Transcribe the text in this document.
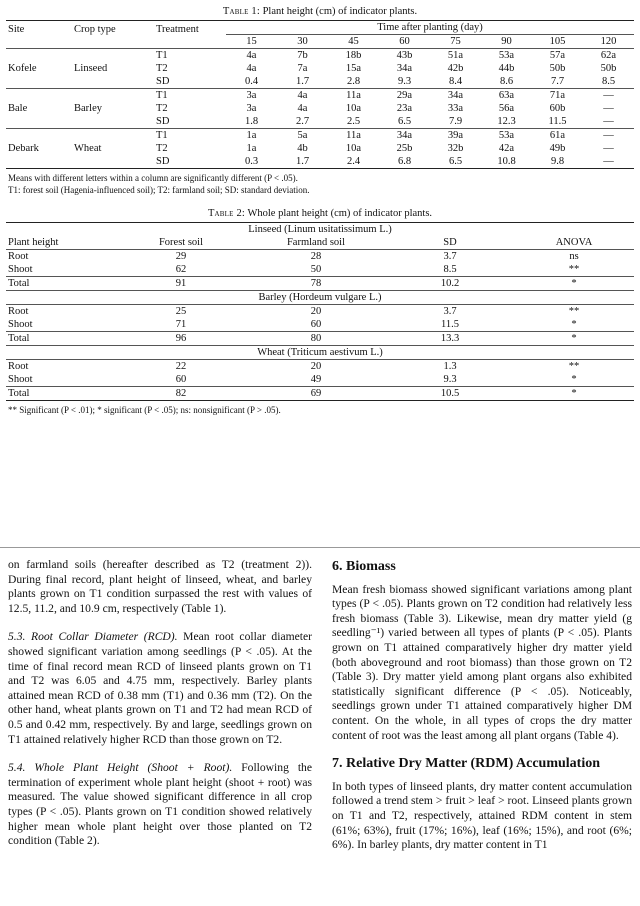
Table 1: Plant height (cm) of indicator plants.
Site	Crop type	Treatment	Time after planting (day)							
			15	30	45	60	75	90	105	120
Kofele	Linseed	T1	4a	7b	18b	43b	51a	53a	57a	62a
		T2	4a	7a	15a	34a	42b	44b	50b	50b
		SD	0.4	1.7	2.8	9.3	8.4	8.6	7.7	8.5
Bale	Barley	T1	3a	4a	11a	29a	34a	63a	71a	—
		T2	3a	4a	10a	23a	33a	56a	60b	—
		SD	1.8	2.7	2.5	6.5	7.9	12.3	11.5	—
Debark	Wheat	T1	1a	5a	11a	34a	39a	53a	61a	—
		T2	1a	4b	10a	25b	32b	42a	49b	—
		SD	0.3	1.7	2.4	6.8	6.5	10.8	9.8	—
Means with different letters within a column are significantly different (P < .05).
T1: forest soil (Hagenia-influenced soil); T2: farmland soil; SD: standard deviation.
Table 2: Whole plant height (cm) of indicator plants.
Linseed (Linum usitatissimum L.)				
Plant height	Forest soil	Farmland soil	SD	ANOVA
Root	29	28	3.7	ns
Shoot	62	50	8.5	**
Total	91	78	10.2	*
Barley (Hordeum vulgare L.)				
Root	25	20	3.7	**
Shoot	71	60	11.5	*
Total	96	80	13.3	*
Wheat (Triticum aestivum L.)				
Root	22	20	1.3	**
Shoot	60	49	9.3	*
Total	82	69	10.5	*
** Significant (P < .01); * significant (P < .05); ns: nonsignificant (P > .05).

on farmland soils (hereafter described as T2 (treatment 2)). During final record, plant height of linseed, wheat, and barley plants grown on T1 condition surpassed the rest with values of 12.5, 11.2, and 10.9 cm, respectively (Table 1).

5.3. Root Collar Diameter (RCD). Mean root collar diameter showed significant variation among seedlings (P < .05). At the time of final record mean RCD of linseed plants grown on T1 and T2 was 6.05 and 4.75 mm, respectively. Barley plants attained mean RCD of 0.38 mm (T1) and 0.36 mm (T2). On the other hand, wheat plants grown on T1 and T2 had mean RCD of 0.5 and 0.42 mm, respectively. By and large, seedlings grown on T1 attained relatively higher RCD than those grown on T2.

5.4. Whole Plant Height (Shoot + Root). Following the termination of experiment whole plant height (shoot + root) was measured. The value showed significant difference in all crop types (P < .05). Plants grown on T1 condition showed relatively higher mean whole plant height over those planted on T2 condition (Table 2).

6. Biomass

Mean fresh biomass showed significant variations among plant types (P < .05). Plants grown on T2 condition had relatively less fresh biomass (Table 3). Likewise, mean dry matter yield (g seedling⁻¹) varied between all types of plants (P < .05). Plants grown on T1 attained comparatively higher dry matter yield (both aboveground and root biomass) than those grown on T2 (Table 3). Dry matter yield among plant organs also exhibited statistically significant difference (P < .05). Noticeably, seedlings grown under T1 attained comparatively higher DM content. On the whole, in all types of crops the dry matter content of root was the least among all plant organs (Table 4).

7. Relative Dry Matter (RDM) Accumulation

In both types of linseed plants, dry matter content accumulation followed a trend stem > fruit > leaf > root. Linseed plants grown on T1 and T2, respectively, attained RDM content in stem (61%; 63%), fruit (17%; 16%), leaf (16%; 15%), and root (6%; 6%). In barley plants, dry matter content in T1
